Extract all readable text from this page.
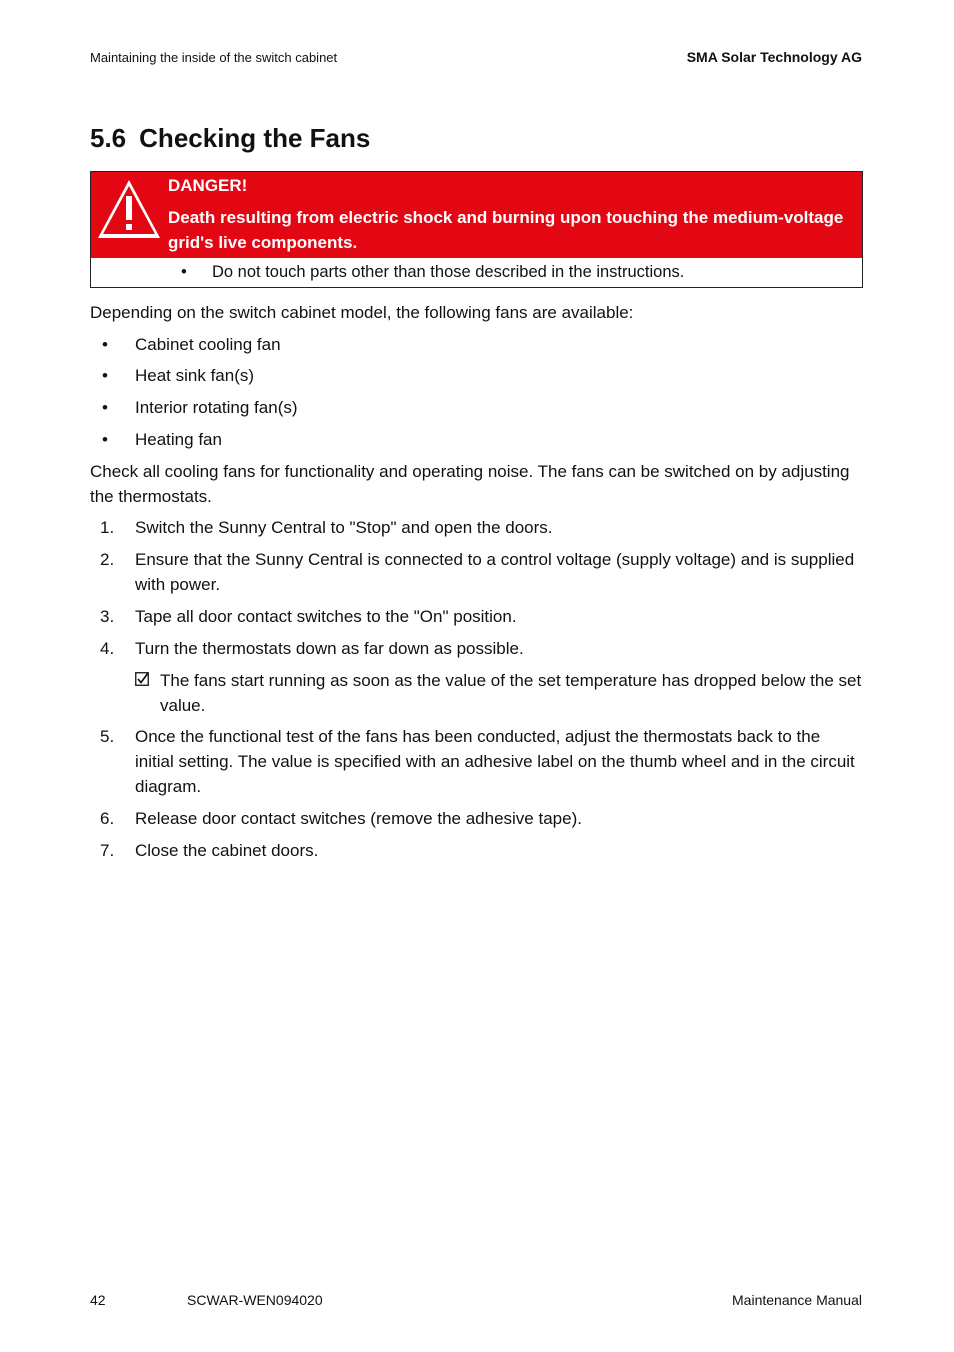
Maintaining the inside of the switch cabinet	SMA Solar Technology AG
5.6 Checking the Fans
DANGER!
Death resulting from electric shock and burning upon touching the medium-voltage grid's live components.
• Do not touch parts other than those described in the instructions.

Depending on the switch cabinet model, the following fans are available:

• Cabinet cooling fan
• Heat sink fan(s)
• Interior rotating fan(s)
• Heating fan

Check all cooling fans for functionality and operating noise. The fans can be switched on by adjusting the thermostats.

1. Switch the Sunny Central to "Stop" and open the doors.
2. Ensure that the Sunny Central is connected to a control voltage (supply voltage) and is supplied with power.
3. Tape all door contact switches to the "On" position.
4. Turn the thermostats down as far down as possible.
The fans start running as soon as the value of the set temperature has dropped below the set value.
5. Once the functional test of the fans has been conducted, adjust the thermostats back to the initial setting. The value is specified with an adhesive label on the thumb wheel and in the circuit diagram.
6. Release door contact switches (remove the adhesive tape).
7. Close the cabinet doors.
42	SCWAR-WEN094020	Maintenance Manual
